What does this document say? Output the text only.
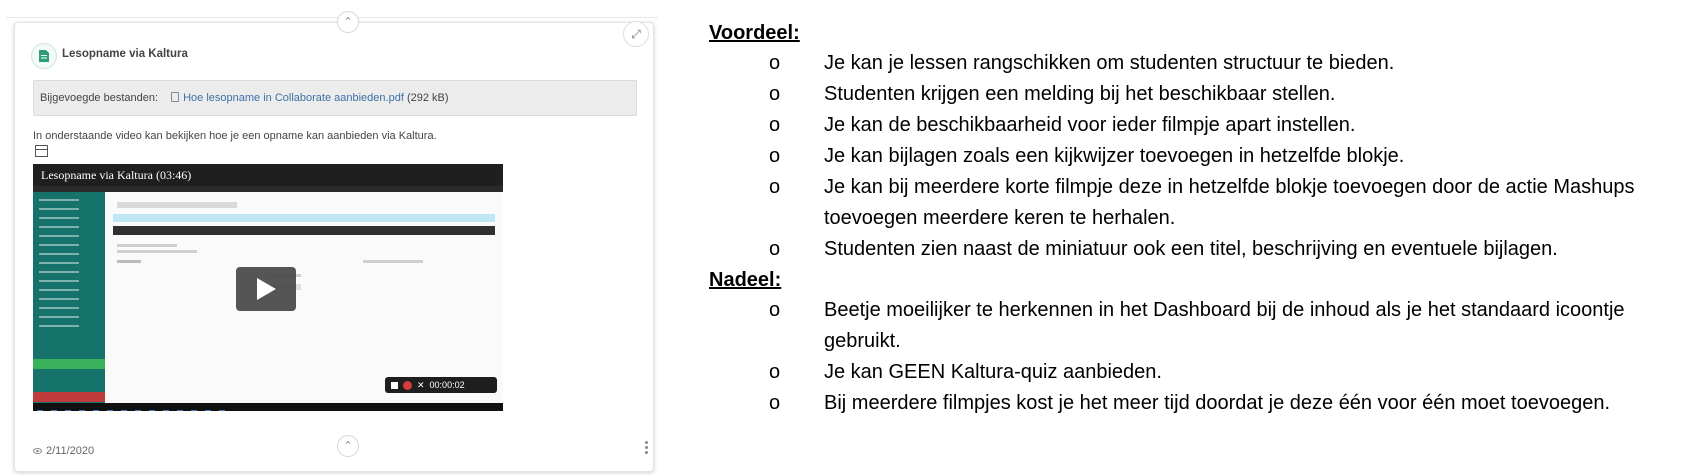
⌃
⤢
Lesopname via Kaltura
Bijgevoegde bestanden: Hoe lesopname in Collaborate aanbieden.pdf (292 kB)
In onderstaande video kan bekijken hoe je een opname kan aanbieden via Kaltura.
Lesopname via Kaltura (03:46)
✕ 00:00:02
⌃
2/11/2020
Voordeel:
o Je kan je lessen rangschikken om studenten structuur te bieden.
o Studenten krijgen een melding bij het beschikbaar stellen.
o Je kan de beschikbaarheid voor ieder filmpje apart instellen.
o Je kan bijlagen zoals een kijkwijzer toevoegen in hetzelfde blokje.
o Je kan bij meerdere korte filmpje deze in hetzelfde blokje toevoegen door de actie Mashups toevoegen meerdere keren te herhalen.
o Studenten zien naast de miniatuur ook een titel, beschrijving en eventuele bijlagen.
Nadeel:
o Beetje moeilijker te herkennen in het Dashboard bij de inhoud als je het standaard icoontje gebruikt.
o Je kan GEEN Kaltura-quiz aanbieden.
o Bij meerdere filmpjes kost je het meer tijd doordat je deze één voor één moet toevoegen.
